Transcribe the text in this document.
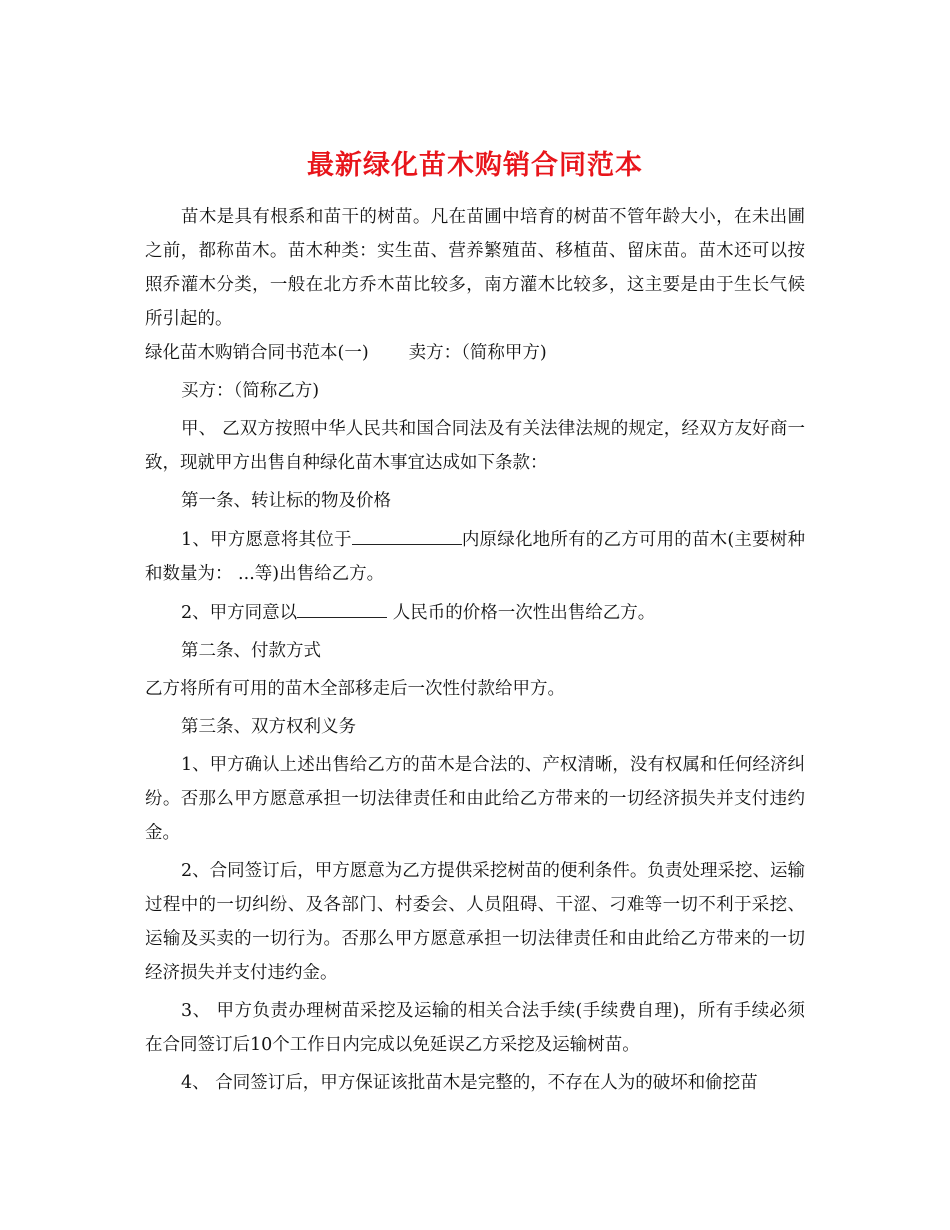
最新绿化苗木购销合同范本

苗木是具有根系和苗干的树苗。凡在苗圃中培育的树苗不管年龄大小，在未出圃之前，都称苗木。苗木种类：实生苗、营养繁殖苗、移植苗、留床苗。苗木还可以按照乔灌木分类，一般在北方乔木苗比较多，南方灌木比较多，这主要是由于生长气候所引起的。

绿化苗木购销合同书范本(一) 卖方：（简称甲方)

买方：（简称乙方)

甲、 乙双方按照中华人民共和国合同法及有关法律法规的规定，经双方友好商一致，现就甲方出售自种绿化苗木事宜达成如下条款：

第一条、转让标的物及价格

1、甲方愿意将其位于	内原绿化地所有的乙方可用的苗木(主要树种和数量为： ...等)出售给乙方。

2、甲方同意以	人民币的价格一次性出售给乙方。

第二条、付款方式

乙方将所有可用的苗木全部移走后一次性付款给甲方。

第三条、双方权利义务

1、甲方确认上述出售给乙方的苗木是合法的、产权清晰，没有权属和任何经济纠纷。否那么甲方愿意承担一切法律责任和由此给乙方带来的一切经济损失并支付违约金。

2、合同签订后，甲方愿意为乙方提供采挖树苗的便利条件。负责处理采挖、运输过程中的一切纠纷、及各部门、村委会、人员阻碍、干涩、刁难等一切不利于采挖、运输及买卖的一切行为。否那么甲方愿意承担一切法律责任和由此给乙方带来的一切经济损失并支付违约金。

3、 甲方负责办理树苗采挖及运输的相关合法手续(手续费自理)，所有手续必须在合同签订后10个工作日内完成以免延误乙方采挖及运输树苗。

4、 合同签订后，甲方保证该批苗木是完整的，不存在人为的破坏和偷挖苗
